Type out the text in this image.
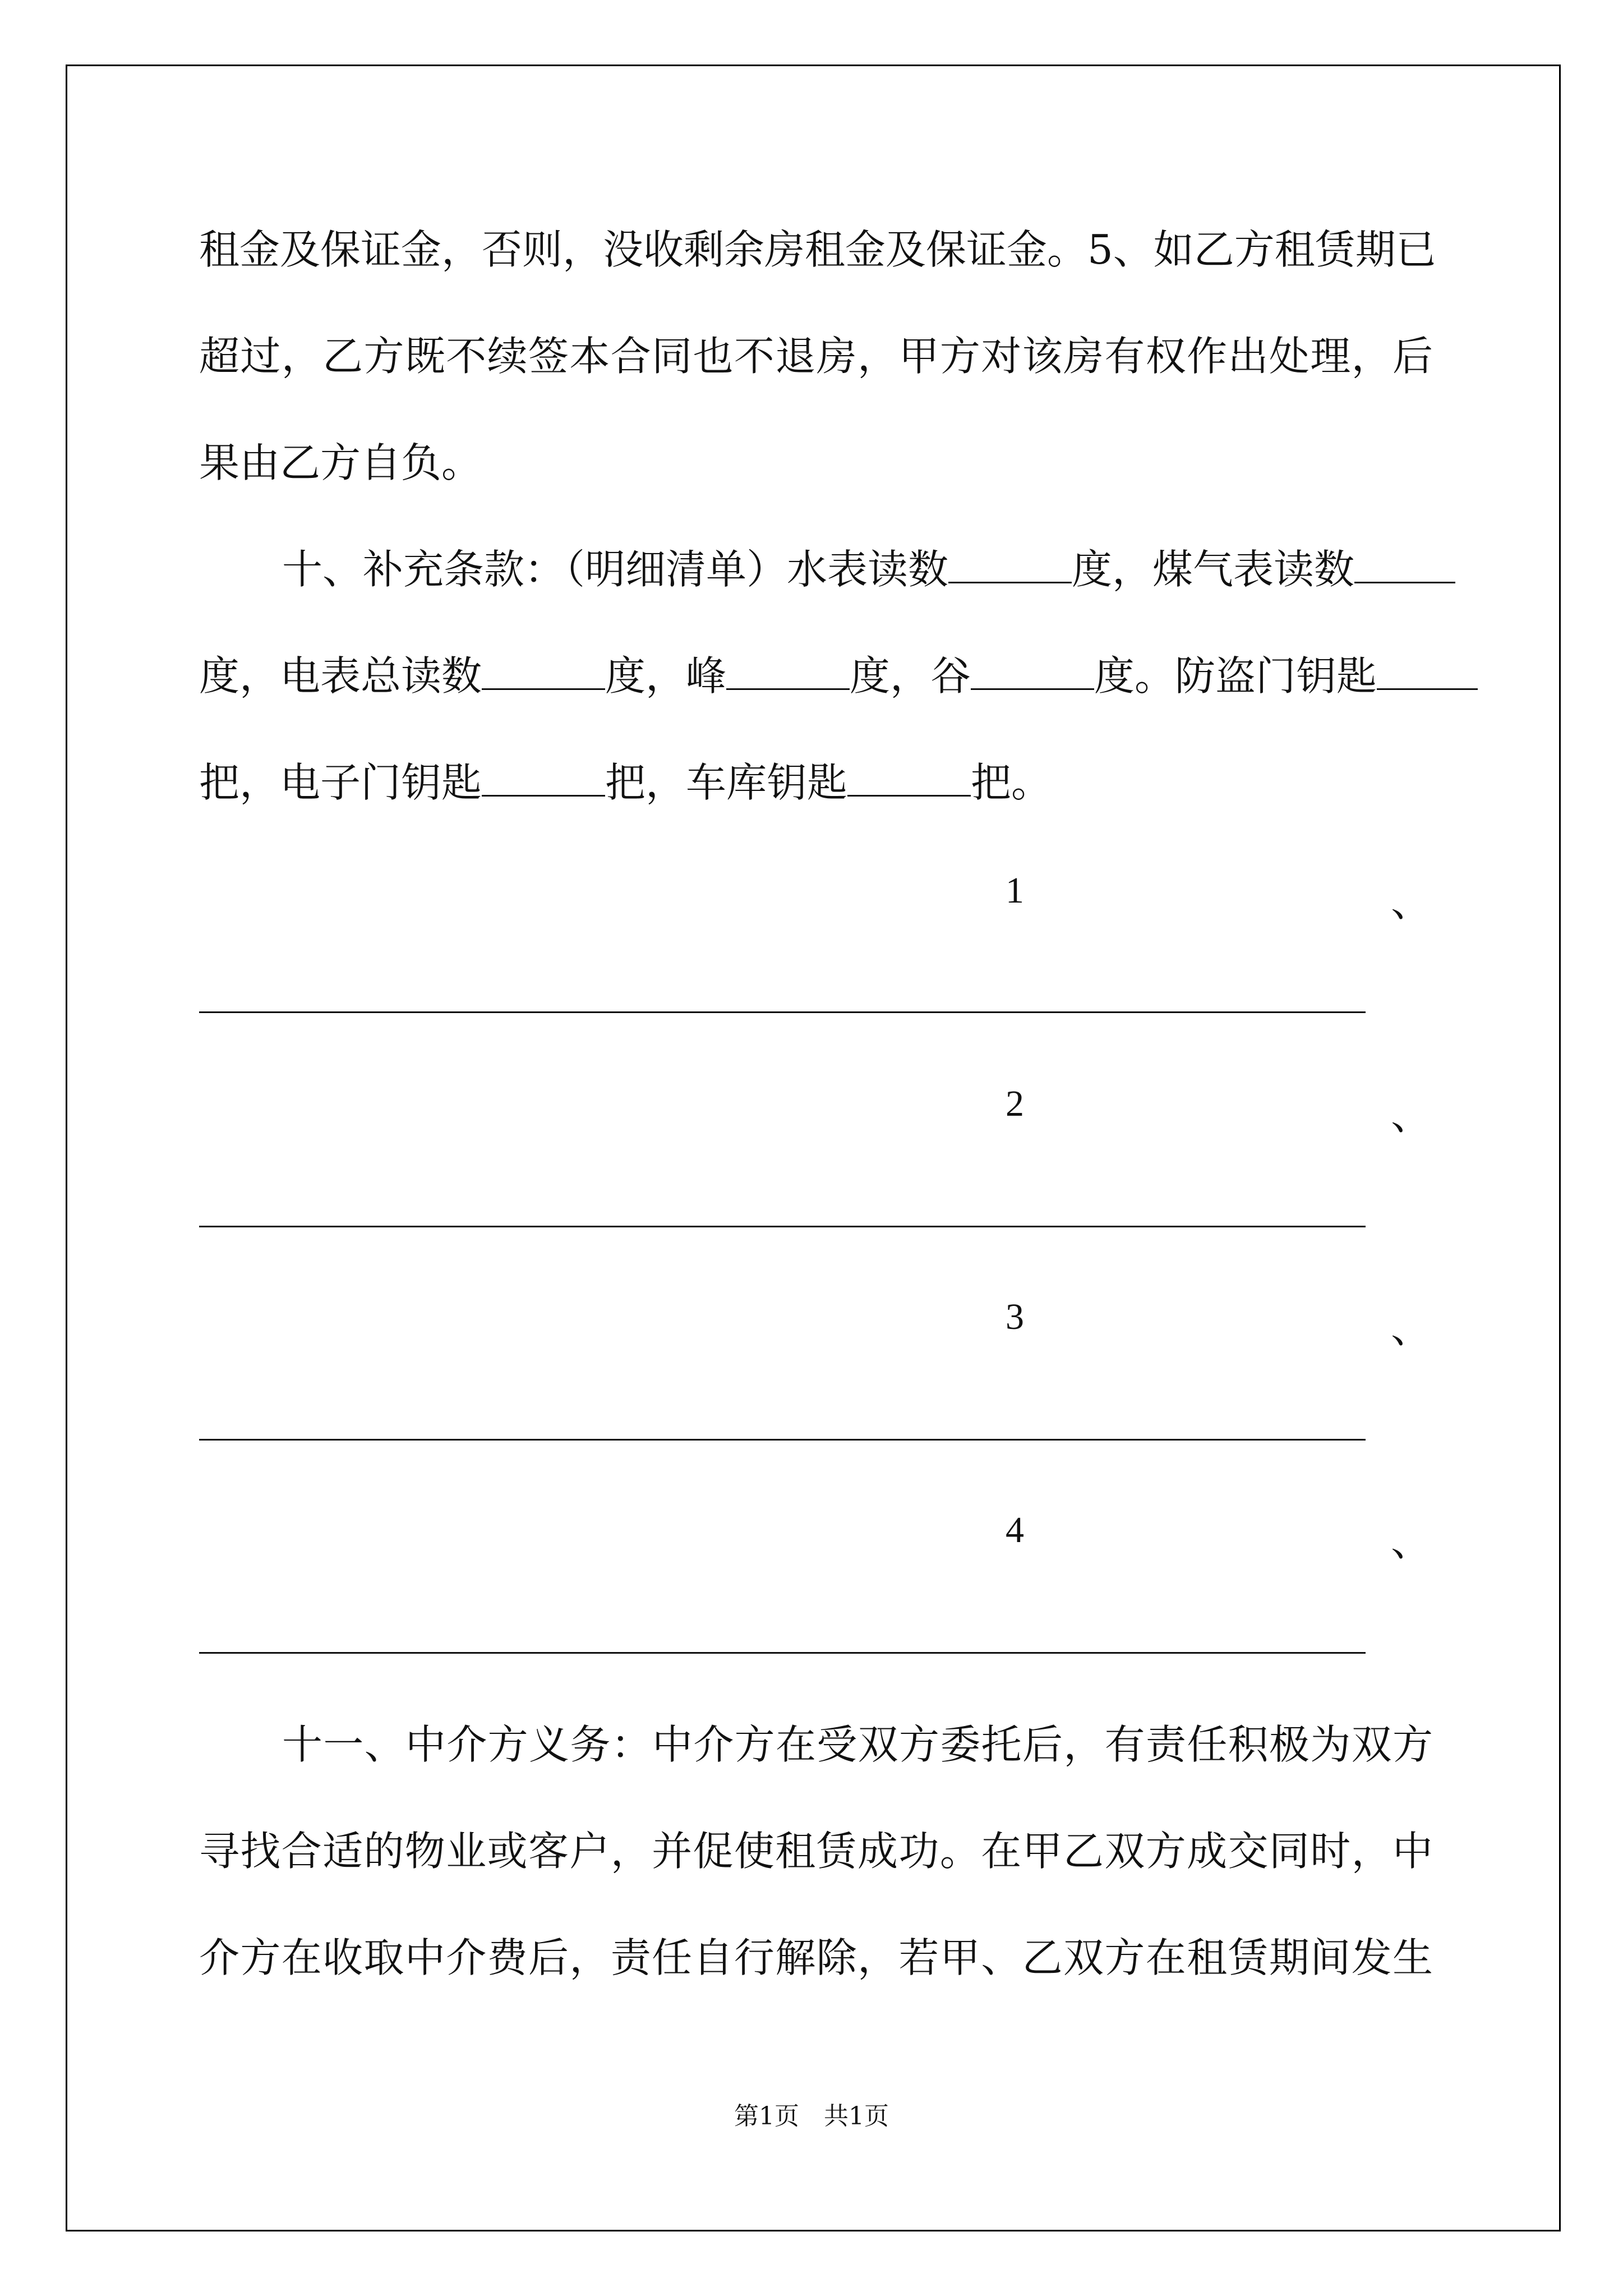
租金及保证金，否则，没收剩余房租金及保证金。5、如乙方租赁期已
超过，乙方既不续签本合同也不退房，甲方对该房有权作出处理，后
果由乙方自负。
十、补充条款：（明细清单）水表读数	度，煤气表读数
度，电表总读数	度，峰	度，谷	度。防盗门钥匙
把，电子门钥匙	把，车库钥匙	把。
1	、
2	、
3	、
4	、
十一、中介方义务：中介方在受双方委托后，有责任积极为双方
寻找合适的物业或客户，并促使租赁成功。在甲乙双方成交同时，中
介方在收取中介费后，责任自行解除，若甲、乙双方在租赁期间发生
第1页　共1页
